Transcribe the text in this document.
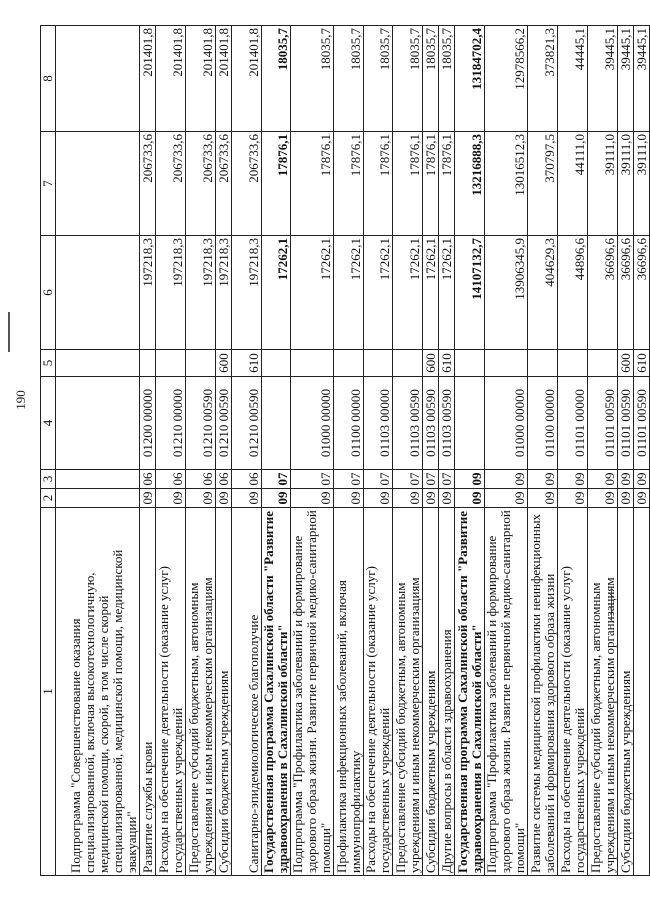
190
1	2	3	4	5	6	7	8
Подпрограмма "Совершенствование оказания специализированной, включая высокотехнологичную, медицинской помощи, скорой, в том числе скорой специализированной, медицинской помощи, медицинской эвакуации"							
Развитие службы крови	09	06	01200 00000		197218,3	206733,6	201401,8
Расходы на обеспечение деятельности (оказание услуг) государственных учреждений	09	06	01210 00000		197218,3	206733,6	201401,8
Предоставление субсидий бюджетным, автономным учреждениям и иным некоммерческим организациям	09	06	01210 00590		197218,3	206733,6	201401,8
Субсидии бюджетным учреждениям	09	06	01210 00590	600	197218,3	206733,6	201401,8
Санитарно-эпидемиологическое благополучие	09	06	01210 00590	610	197218,3	206733,6	201401,8
Государственная программа Сахалинской области "Развитие здравоохранения в Сахалинской области"	09	07			17262,1	17876,1	18035,7
Подпрограмма "Профилактика заболеваний и формирование здорового образа жизни. Развитие первичной медико-санитарной помощи"	09	07	01000 00000		17262,1	17876,1	18035,7
Профилактика инфекционных заболеваний, включая иммунопрофилактику	09	07	01100 00000		17262,1	17876,1	18035,7
Расходы на обеспечение деятельности (оказание услуг) государственных учреждений	09	07	01103 00000		17262,1	17876,1	18035,7
Предоставление субсидий бюджетным, автономным учреждениям и иным некоммерческим организациям	09	07	01103 00590		17262,1	17876,1	18035,7
Субсидии бюджетным учреждениям	09	07	01103 00590	600	17262,1	17876,1	18035,7
Другие вопросы в области здравоохранения	09	07	01103 00590	610	17262,1	17876,1	18035,7
Государственная программа Сахалинской области "Развитие здравоохранения в Сахалинской области"	09	09			14107132,7	13216888,3	13184702,4
Подпрограмма "Профилактика заболеваний и формирование здорового образа жизни. Развитие первичной медико-санитарной помощи"	09	09	01000 00000		13906345,9	13016512,3	12978566,2
Развитие системы медицинской профилактики неинфекционных заболеваний и формирования здорового образа жизни	09	09	01100 00000		404629,3	370797,5	373821,3
Расходы на обеспечение деятельности (оказание услуг) государственных учреждений	09	09	01101 00000		44896,6	44111,0	44445,1
Предоставление субсидий бюджетным, автономным учреждениям и иным некоммерческим организациям	09	09	01101 00590		36696,6	39111,0	39445,1
Субсидии бюджетным учреждениям	09	09	01101 00590	600	36696,6	39111,0	39445,1
	09	09	01101 00590	610	36696,6	39111,0	39445,1
